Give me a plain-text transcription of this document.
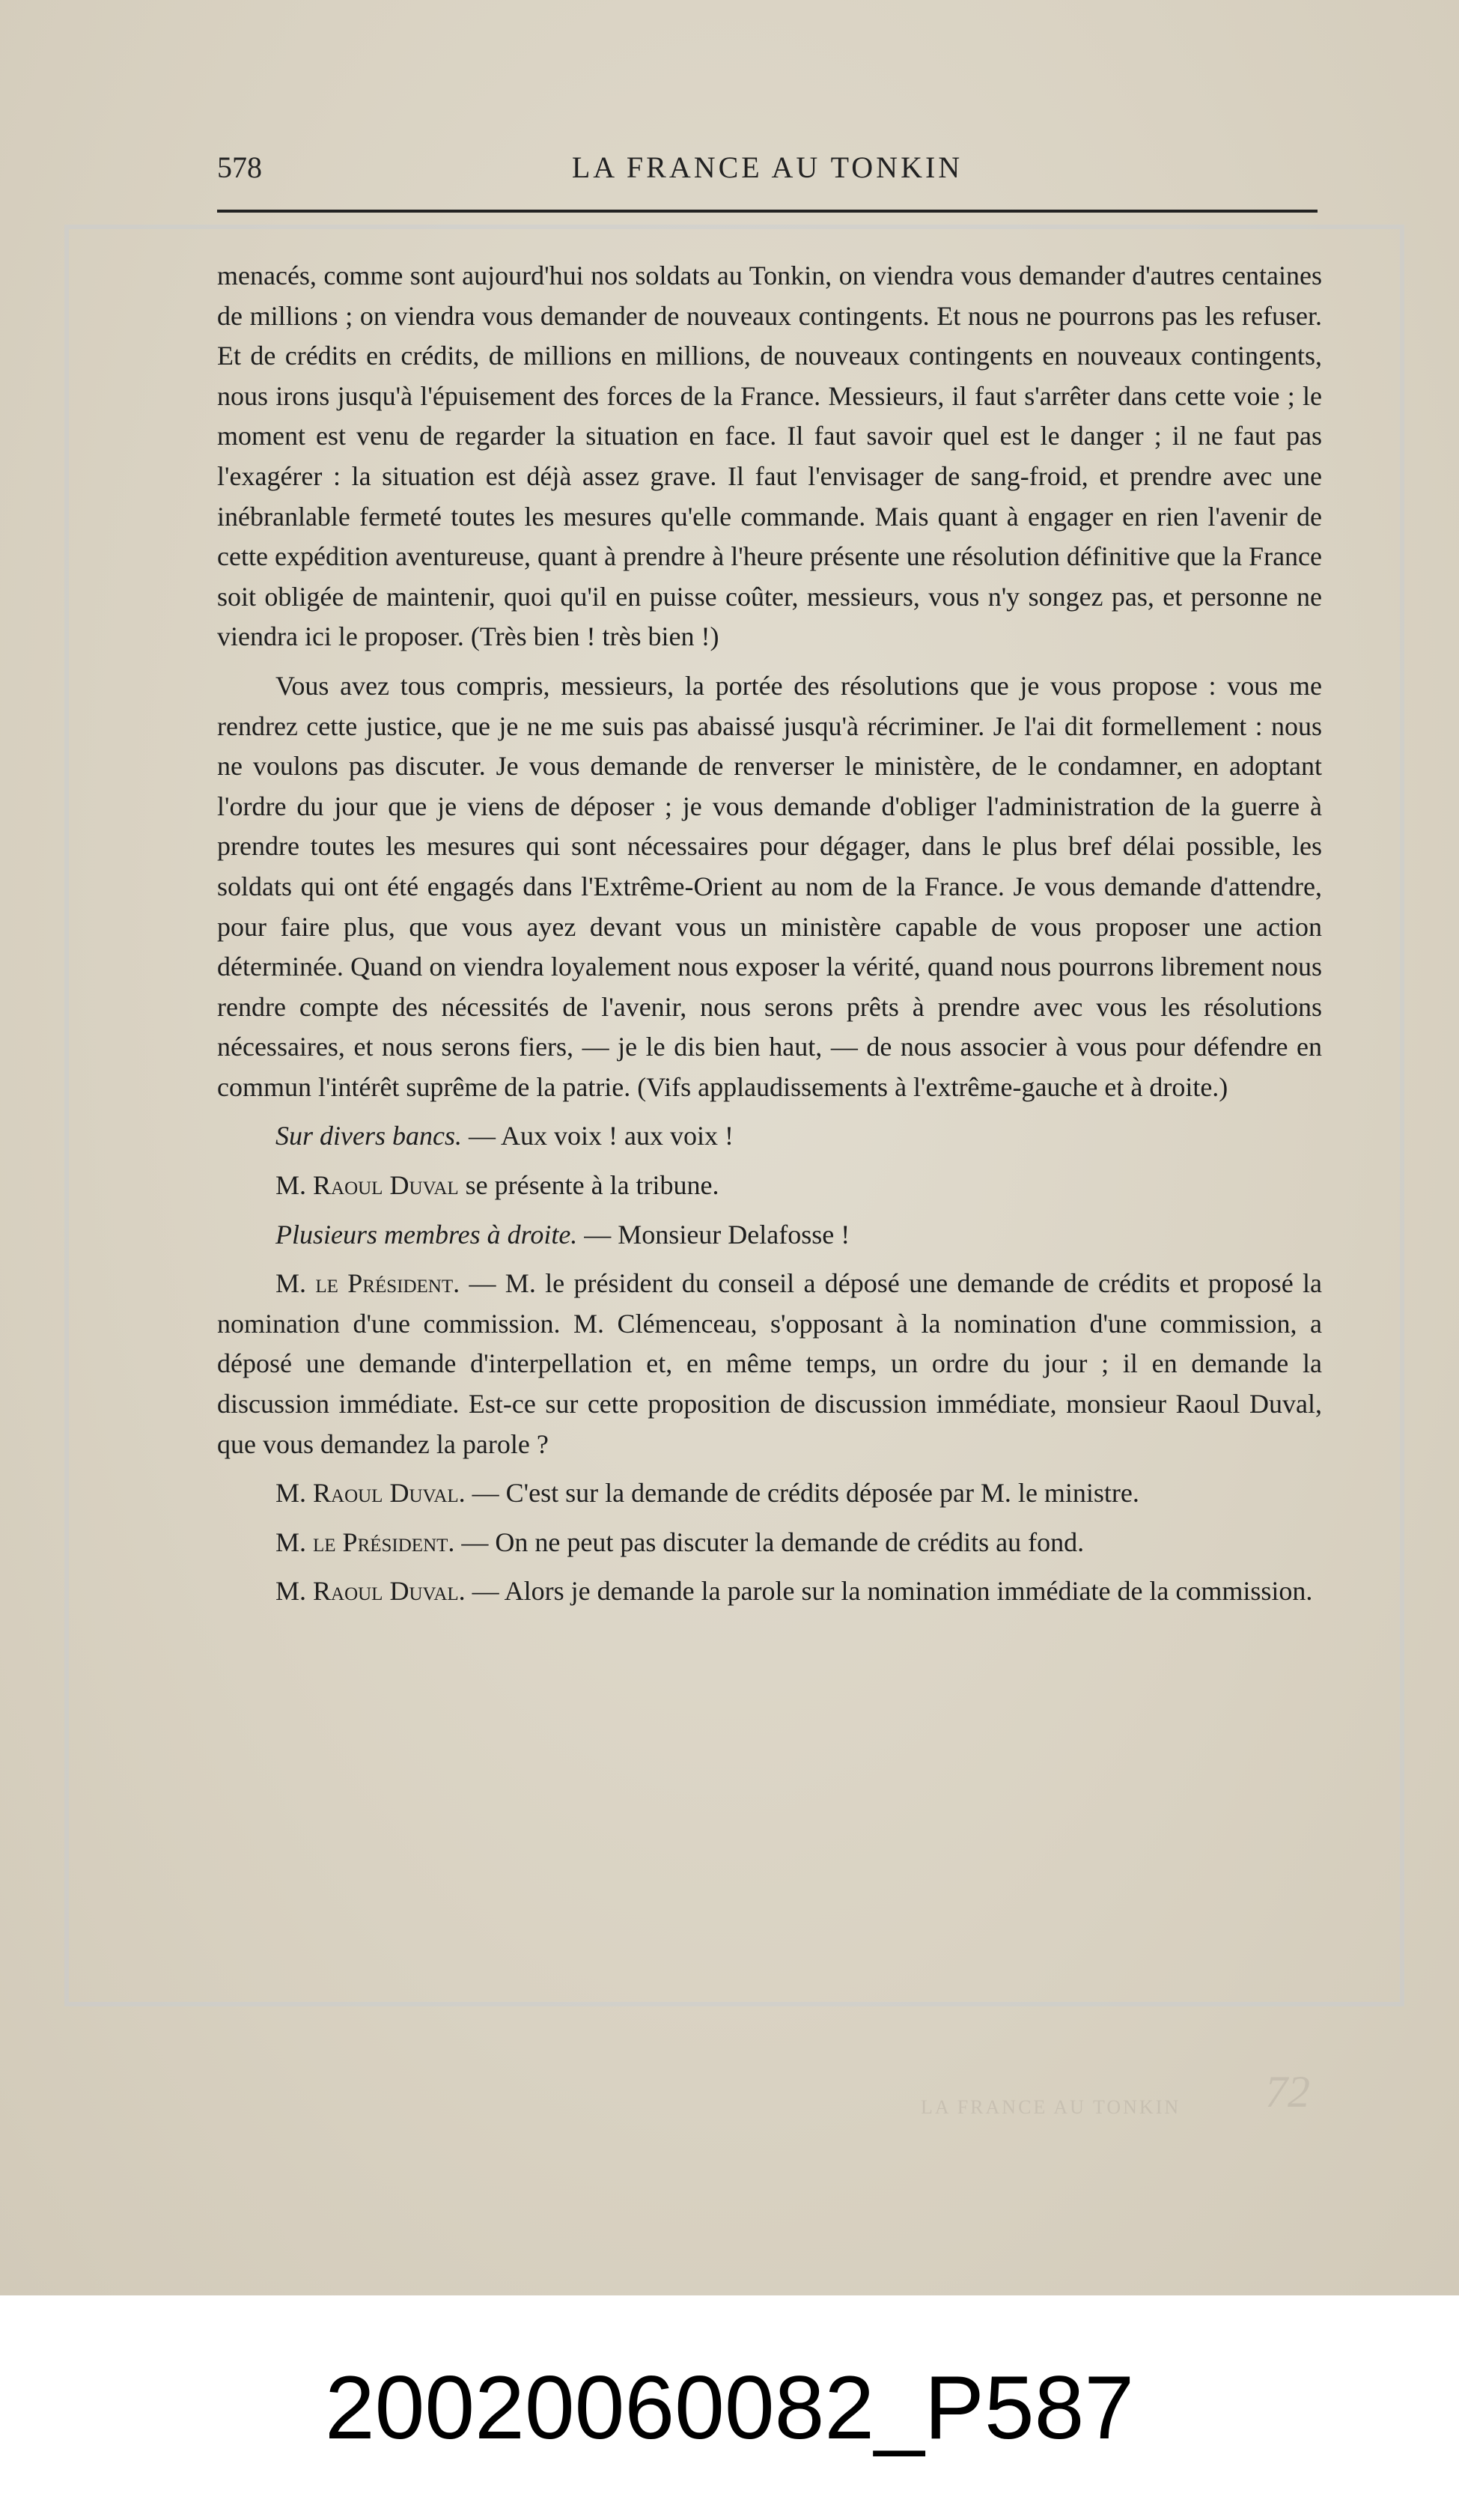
LA FRANCE AU TONKIN 72
578	LA FRANCE AU TONKIN

menacés, comme sont aujourd'hui nos soldats au Tonkin, on viendra vous demander d'autres centaines de millions ; on viendra vous demander de nouveaux contingents. Et nous ne pourrons pas les refuser. Et de crédits en crédits, de millions en millions, de nouveaux contingents en nouveaux contingents, nous irons jusqu'à l'épuisement des forces de la France. Messieurs, il faut s'arrêter dans cette voie ; le moment est venu de regarder la situation en face. Il faut savoir quel est le danger ; il ne faut pas l'exagérer : la situation est déjà assez grave. Il faut l'envisager de sang-froid, et prendre avec une inébranlable fermeté toutes les mesures qu'elle commande. Mais quant à engager en rien l'avenir de cette expédition aventureuse, quant à prendre à l'heure présente une résolution définitive que la France soit obligée de maintenir, quoi qu'il en puisse coûter, messieurs, vous n'y songez pas, et personne ne viendra ici le proposer. (Très bien ! très bien !)

Vous avez tous compris, messieurs, la portée des résolutions que je vous propose : vous me rendrez cette justice, que je ne me suis pas abaissé jusqu'à récriminer. Je l'ai dit formellement : nous ne voulons pas discuter. Je vous demande de renverser le ministère, de le condamner, en adoptant l'ordre du jour que je viens de déposer ; je vous demande d'obliger l'administration de la guerre à prendre toutes les mesures qui sont nécessaires pour dégager, dans le plus bref délai possible, les soldats qui ont été engagés dans l'Extrême-Orient au nom de la France. Je vous demande d'attendre, pour faire plus, que vous ayez devant vous un ministère capable de vous proposer une action déterminée. Quand on viendra loyalement nous exposer la vérité, quand nous pourrons librement nous rendre compte des nécessités de l'avenir, nous serons prêts à prendre avec vous les résolutions nécessaires, et nous serons fiers, — je le dis bien haut, — de nous associer à vous pour défendre en commun l'intérêt suprême de la patrie. (Vifs applaudissements à l'extrême-gauche et à droite.)

Sur divers bancs. — Aux voix ! aux voix !

M. Raoul Duval se présente à la tribune.

Plusieurs membres à droite. — Monsieur Delafosse !

M. le Président. — M. le président du conseil a déposé une demande de crédits et proposé la nomination d'une commission. M. Clémenceau, s'opposant à la nomination d'une commission, a déposé une demande d'interpellation et, en même temps, un ordre du jour ; il en demande la discussion immédiate. Est-ce sur cette proposition de discussion immédiate, monsieur Raoul Duval, que vous demandez la parole ?

M. Raoul Duval. — C'est sur la demande de crédits déposée par M. le ministre.

M. le Président. — On ne peut pas discuter la demande de crédits au fond.

M. Raoul Duval. — Alors je demande la parole sur la nomination immédiate de la commission.

20020060082_P587
